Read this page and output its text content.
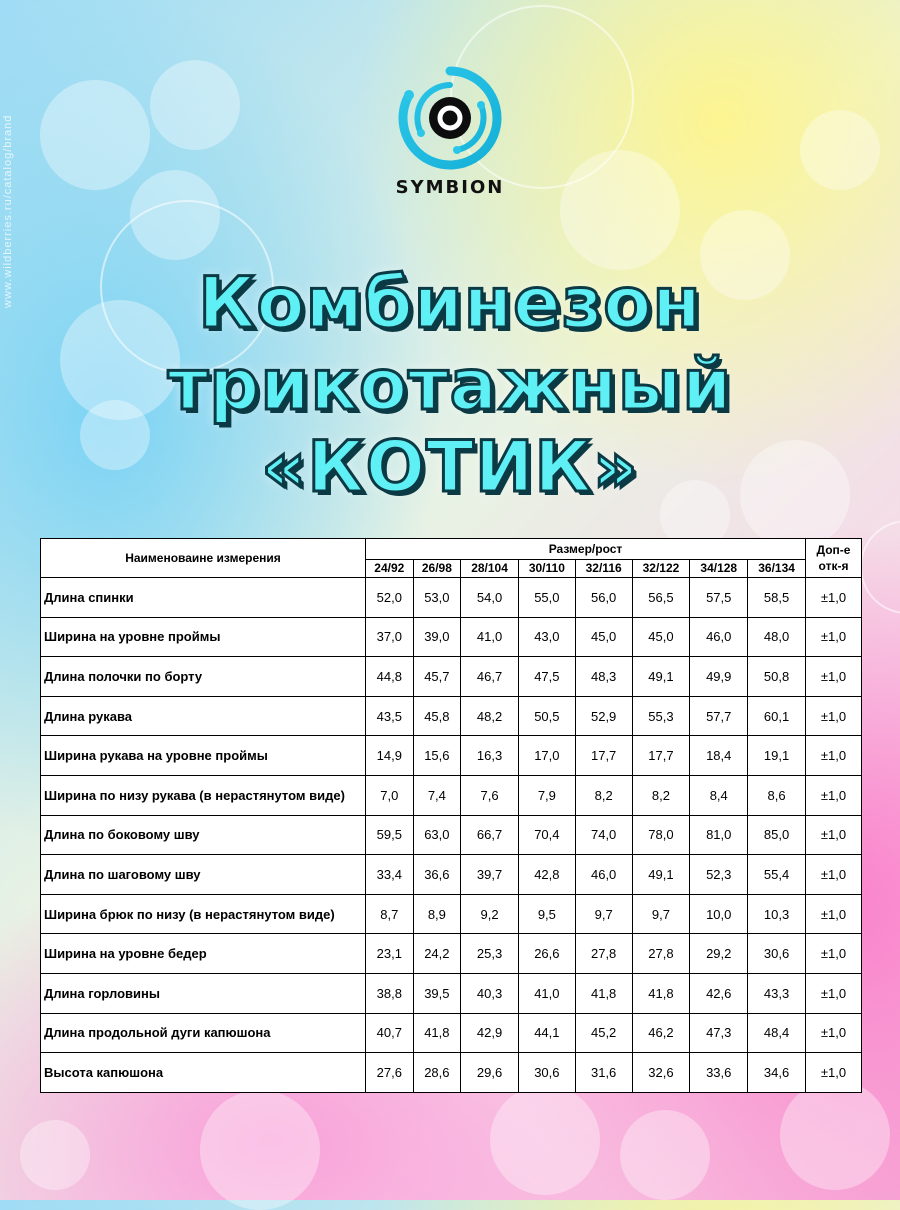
www.wildberries.ru/catalog/brand	SYMBION
Комбинезон
трикотажный
«КОТИК»
Наименоваине измерения	Размер/рост								Доп-е отк-я
	24/92	26/98	28/104	30/110	32/116	32/122	34/128	36/134	
Длина спинки	52,0	53,0	54,0	55,0	56,0	56,5	57,5	58,5	±1,0
Ширина на уровне проймы	37,0	39,0	41,0	43,0	45,0	45,0	46,0	48,0	±1,0
Длина полочки по борту	44,8	45,7	46,7	47,5	48,3	49,1	49,9	50,8	±1,0
Длина рукава	43,5	45,8	48,2	50,5	52,9	55,3	57,7	60,1	±1,0
Ширина рукава на уровне проймы	14,9	15,6	16,3	17,0	17,7	17,7	18,4	19,1	±1,0
Ширина по низу рукава (в нерастянутом виде)	7,0	7,4	7,6	7,9	8,2	8,2	8,4	8,6	±1,0
Длина по боковому шву	59,5	63,0	66,7	70,4	74,0	78,0	81,0	85,0	±1,0
Длина по шаговому шву	33,4	36,6	39,7	42,8	46,0	49,1	52,3	55,4	±1,0
Ширина брюк по низу (в нерастянутом виде)	8,7	8,9	9,2	9,5	9,7	9,7	10,0	10,3	±1,0
Ширина на уровне бедер	23,1	24,2	25,3	26,6	27,8	27,8	29,2	30,6	±1,0
Длина горловины	38,8	39,5	40,3	41,0	41,8	41,8	42,6	43,3	±1,0
Длина продольной дуги капюшона	40,7	41,8	42,9	44,1	45,2	46,2	47,3	48,4	±1,0
Высота капюшона	27,6	28,6	29,6	30,6	31,6	32,6	33,6	34,6	±1,0
